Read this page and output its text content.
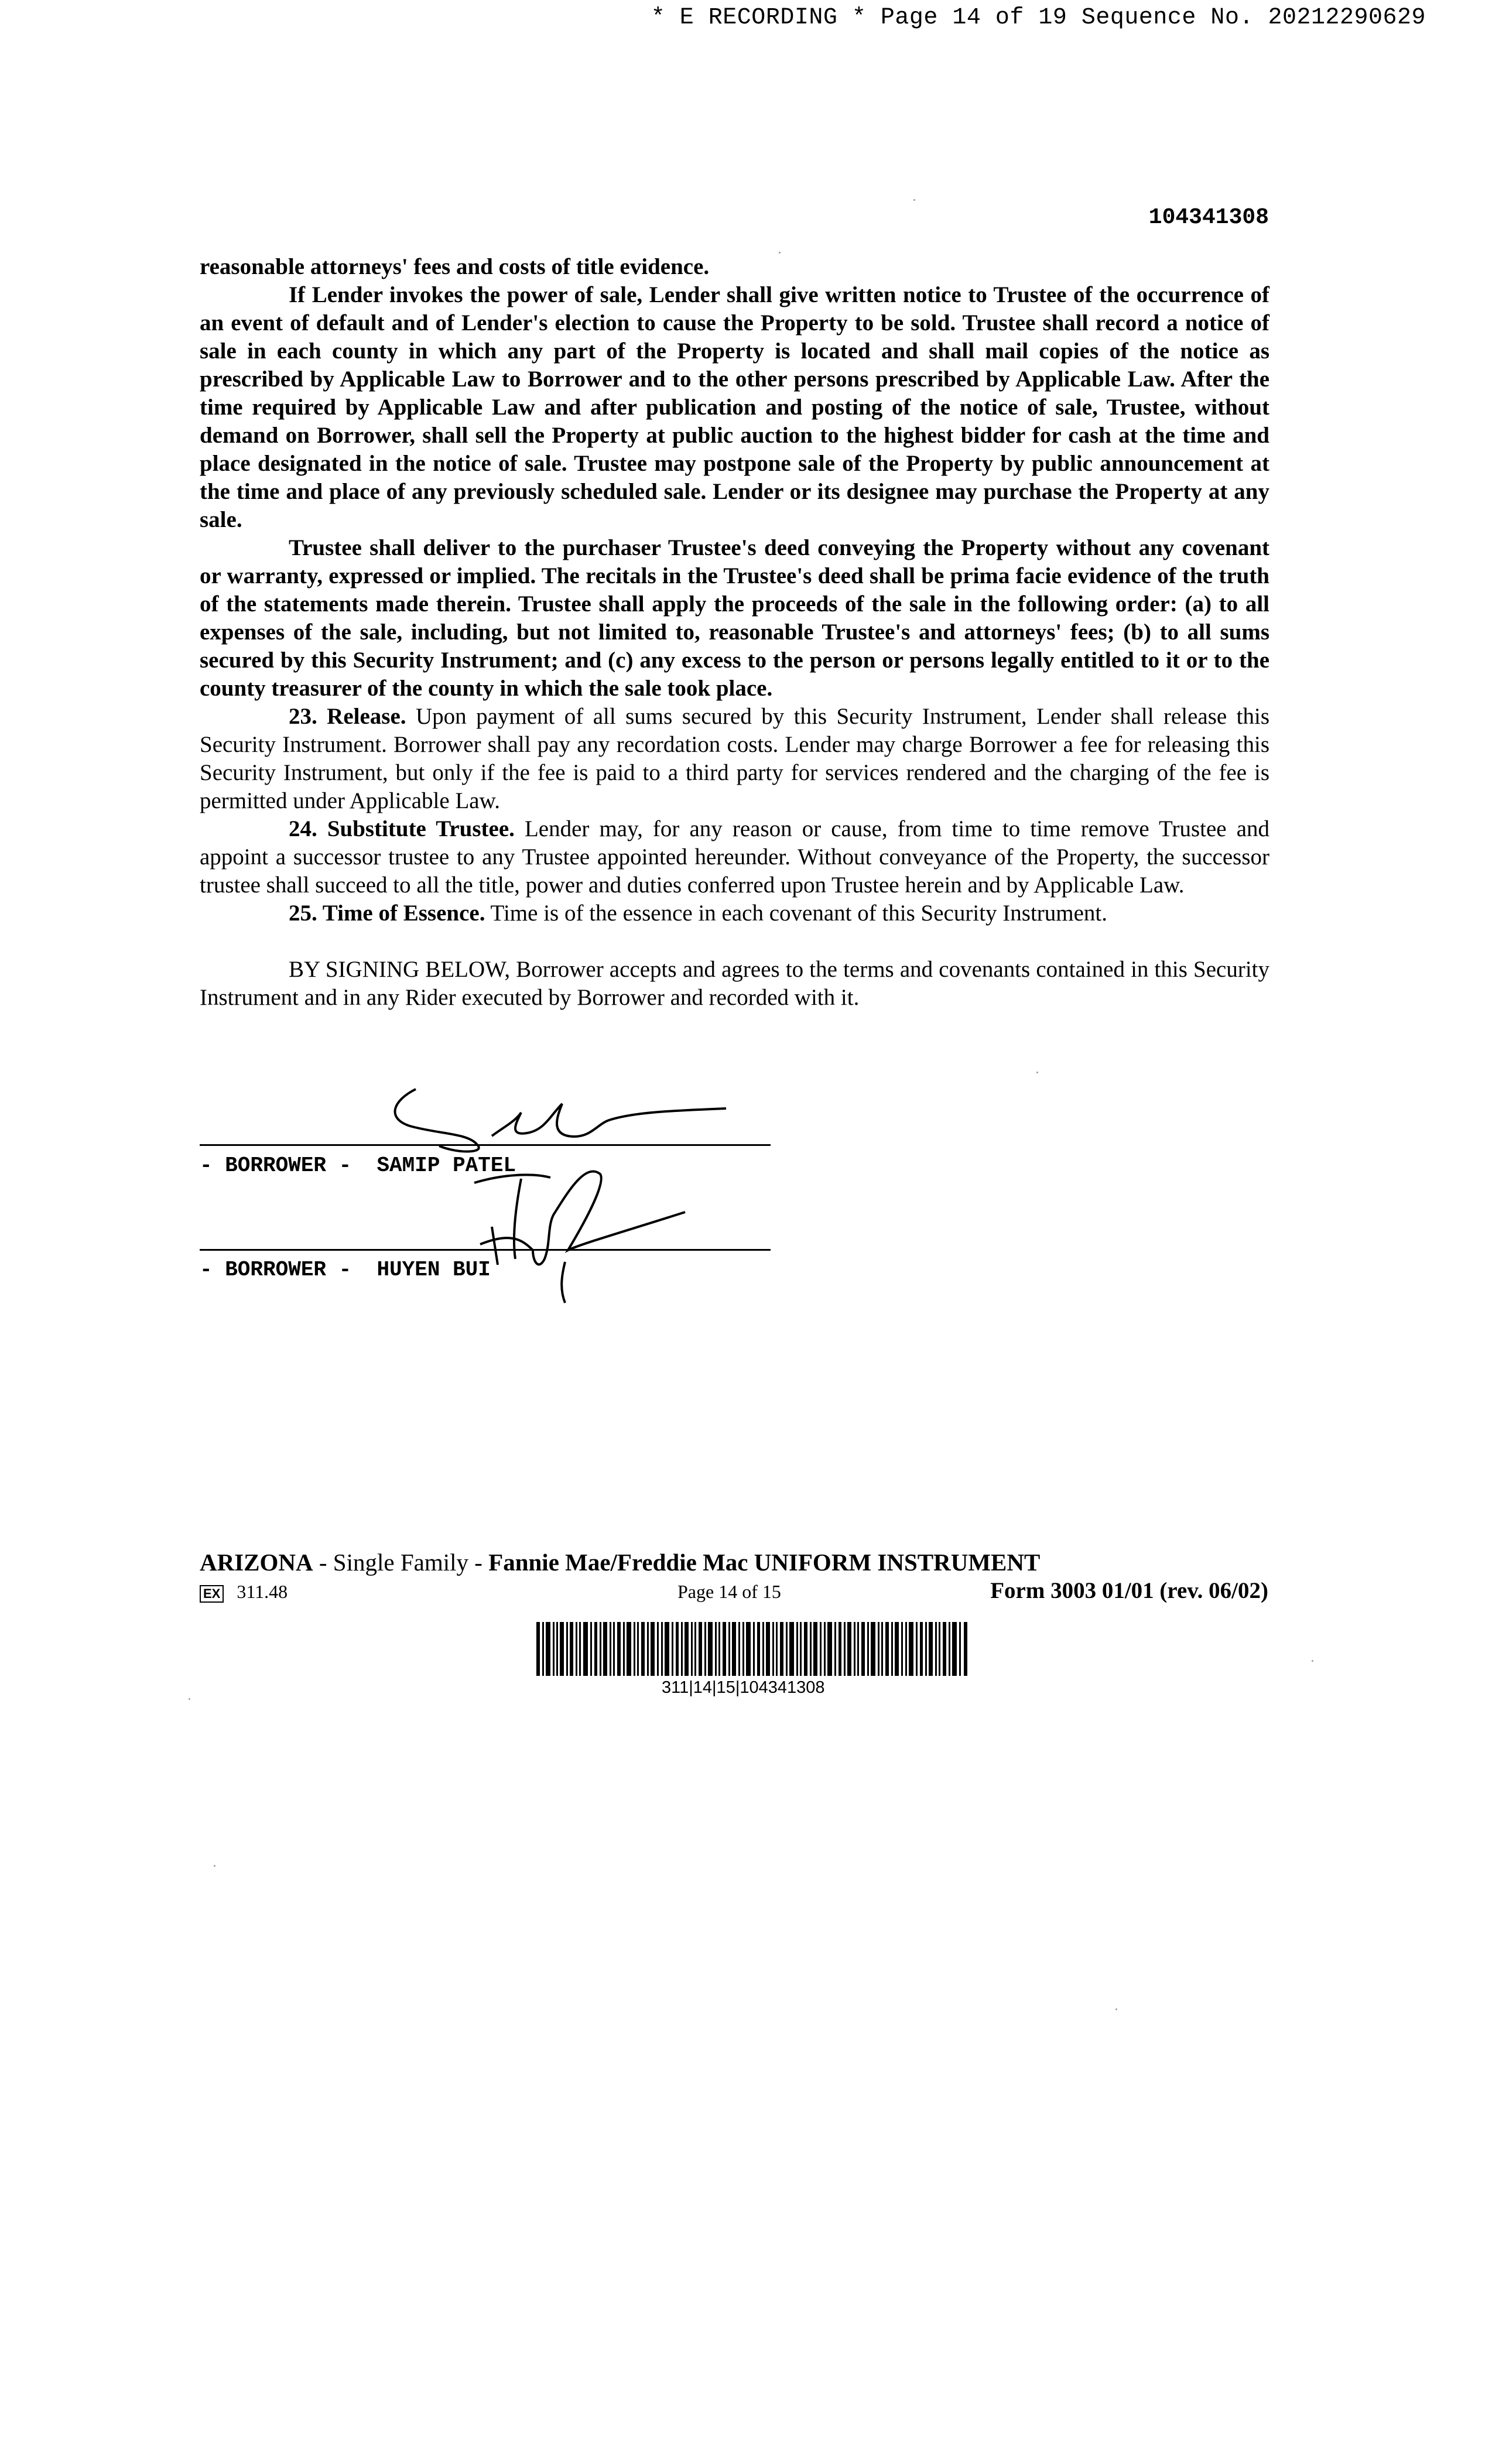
* E RECORDING * Page 14 of 19 Sequence No. 20212290629
104341308

reasonable attorneys' fees and costs of title evidence.

If Lender invokes the power of sale, Lender shall give written notice to Trustee of the occurrence of an event of default and of Lender's election to cause the Property to be sold. Trustee shall record a notice of sale in each county in which any part of the Property is located and shall mail copies of the notice as prescribed by Applicable Law to Borrower and to the other persons prescribed by Applicable Law. After the time required by Applicable Law and after publication and posting of the notice of sale, Trustee, without demand on Borrower, shall sell the Property at public auction to the highest bidder for cash at the time and place designated in the notice of sale. Trustee may postpone sale of the Property by public announcement at the time and place of any previously scheduled sale. Lender or its designee may purchase the Property at any sale.

Trustee shall deliver to the purchaser Trustee's deed conveying the Property without any covenant or warranty, expressed or implied. The recitals in the Trustee's deed shall be prima facie evidence of the truth of the statements made therein. Trustee shall apply the proceeds of the sale in the following order: (a) to all expenses of the sale, including, but not limited to, reasonable Trustee's and attorneys' fees; (b) to all sums secured by this Security Instrument; and (c) any excess to the person or persons legally entitled to it or to the county treasurer of the county in which the sale took place.

23. Release. Upon payment of all sums secured by this Security Instrument, Lender shall release this Security Instrument. Borrower shall pay any recordation costs. Lender may charge Borrower a fee for releasing this Security Instrument, but only if the fee is paid to a third party for services rendered and the charging of the fee is permitted under Applicable Law.

24. Substitute Trustee. Lender may, for any reason or cause, from time to time remove Trustee and appoint a successor trustee to any Trustee appointed hereunder. Without conveyance of the Property, the successor trustee shall succeed to all the title, power and duties conferred upon Trustee herein and by Applicable Law.

25. Time of Essence. Time is of the essence in each covenant of this Security Instrument.

BY SIGNING BELOW, Borrower accepts and agrees to the terms and covenants contained in this Security Instrument and in any Rider executed by Borrower and recorded with it.

- BORROWER -  SAMIP PATEL
- BORROWER -  HUYEN BUI
ARIZONA - Single Family - Fannie Mae/Freddie Mac UNIFORM INSTRUMENT
EX 311.48	Page 14 of 15	Form 3003 01/01 (rev. 06/02)
311|14|15|104341308
